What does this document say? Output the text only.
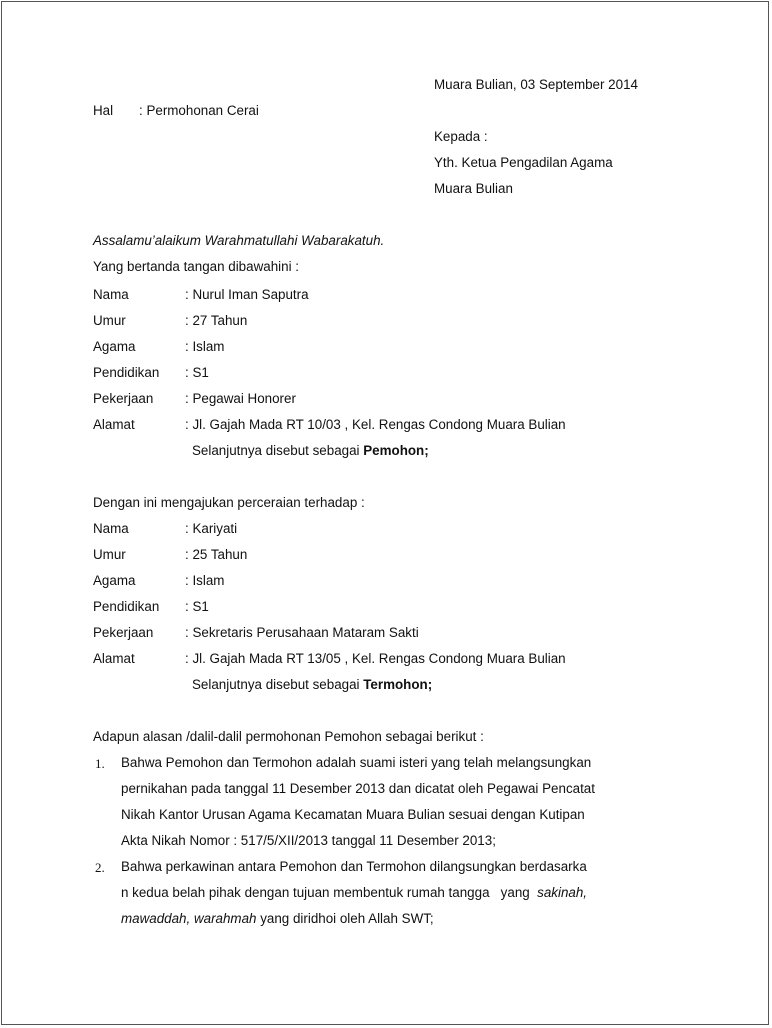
Muara Bulian, 03 September 2014
Hal : Permohonan Cerai
Kepada :
Yth. Ketua Pengadilan Agama
Muara Bulian
Assalamu’alaikum Warahmatullahi Wabarakatuh.
Yang bertanda tangan dibawahini :
Nama	: Nurul Iman Saputra
Umur	: 27 Tahun
Agama	: Islam
Pendidikan : S1
Pekerjaan : Pegawai Honorer
Alamat	: Jl. Gajah Mada RT 10/03 , Kel. Rengas Condong Muara Bulian
Selanjutnya disebut sebagai Pemohon;
Dengan ini mengajukan perceraian terhadap :
Nama	: Kariyati
Umur	: 25 Tahun
Agama	: Islam
Pendidikan : S1
Pekerjaan : Sekretaris Perusahaan Mataram Sakti
Alamat	: Jl. Gajah Mada RT 13/05 , Kel. Rengas Condong Muara Bulian
Selanjutnya disebut sebagai Termohon;
Adapun alasan /dalil-dalil permohonan Pemohon sebagai berikut :
1. Bahwa Pemohon dan Termohon adalah suami isteri yang telah melangsungkan
pernikahan pada tanggal 11 Desember 2013 dan dicatat oleh Pegawai Pencatat
Nikah Kantor Urusan Agama Kecamatan Muara Bulian sesuai dengan Kutipan
Akta Nikah Nomor : 517/5/XII/2013 tanggal 11 Desember 2013;
2. Bahwa perkawinan antara Pemohon dan Termohon dilangsungkan berdasarka
n kedua belah pihak dengan tujuan membentuk rumah tangga   yang  sakinah,
mawaddah, warahmah yang diridhoi oleh Allah SWT;
